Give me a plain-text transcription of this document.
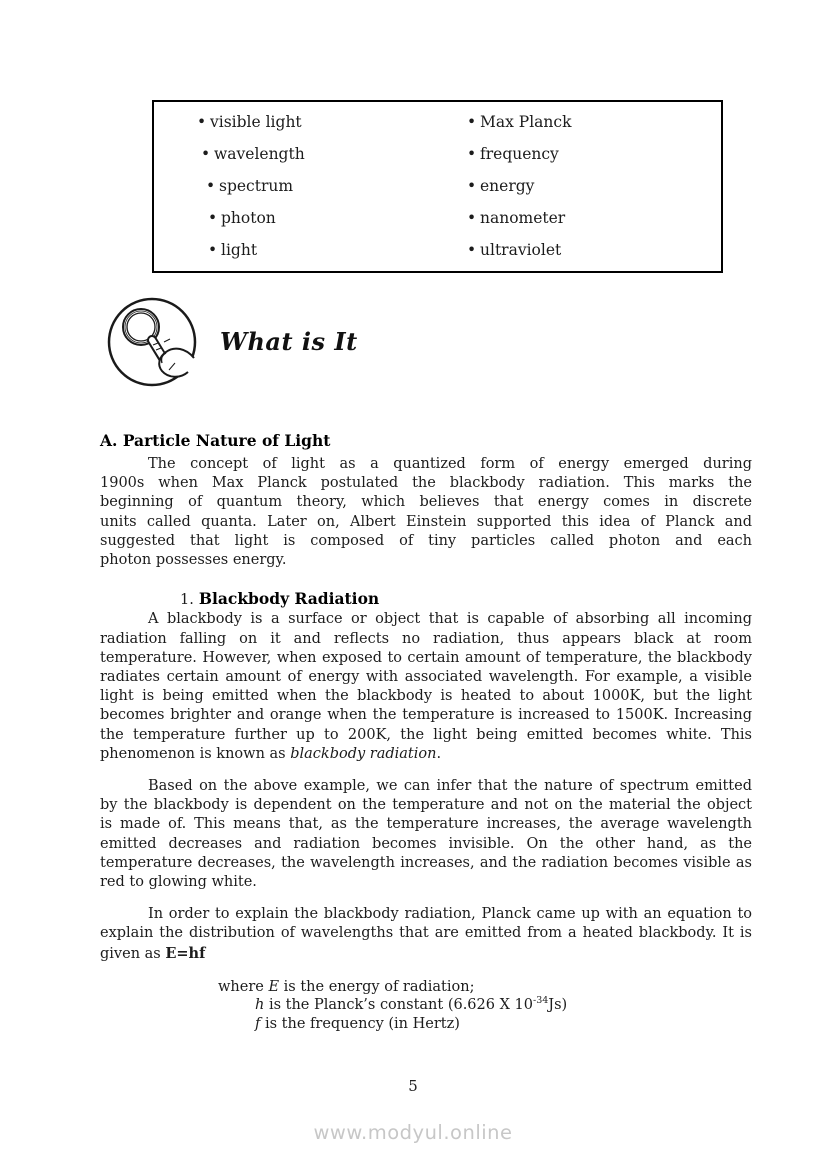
• visible light
• wavelength
• spectrum
• photon
• light
• Max Planck
• frequency
• energy
• nanometer
• ultraviolet
What is It
A. Particle Nature of Light
The concept of light as a quantized form of energy emerged during
1900s when Max Planck postulated the blackbody radiation. This marks the
beginning of quantum theory, which believes that energy comes in discrete
units called quanta. Later on, Albert Einstein supported this idea of Planck and
suggested that light is composed of tiny particles called photon and each
photon possesses energy.
1. Blackbody Radiation
A blackbody is a surface or object that is capable of absorbing all incoming
radiation falling on it and reflects no radiation, thus appears black at room
temperature. However, when exposed to certain amount of temperature, the blackbody
radiates certain amount of energy with associated wavelength. For example, a visible
light is being emitted when the blackbody is heated to about 1000K, but the light
becomes brighter and orange when the temperature is increased to 1500K. Increasing
the temperature further up to 200K, the light being emitted becomes white. This
phenomenon is known as blackbody radiation.
Based on the above example, we can infer that the nature of spectrum emitted
by the blackbody is dependent on the temperature and not on the material the object
is made of. This means that, as the temperature increases, the average wavelength
emitted decreases and radiation becomes invisible. On the other hand, as the
temperature decreases, the wavelength increases, and the radiation becomes visible as
red to glowing white.
In order to explain the blackbody radiation, Planck came up with an equation to
explain the distribution of wavelengths that are emitted from a heated blackbody. It is
given as E=hf
where E is the energy of radiation;
h is the Planck’s constant (6.626 X $10^{-34}Js$)
f is the frequency (in Hertz)
5
www.modyul.online
